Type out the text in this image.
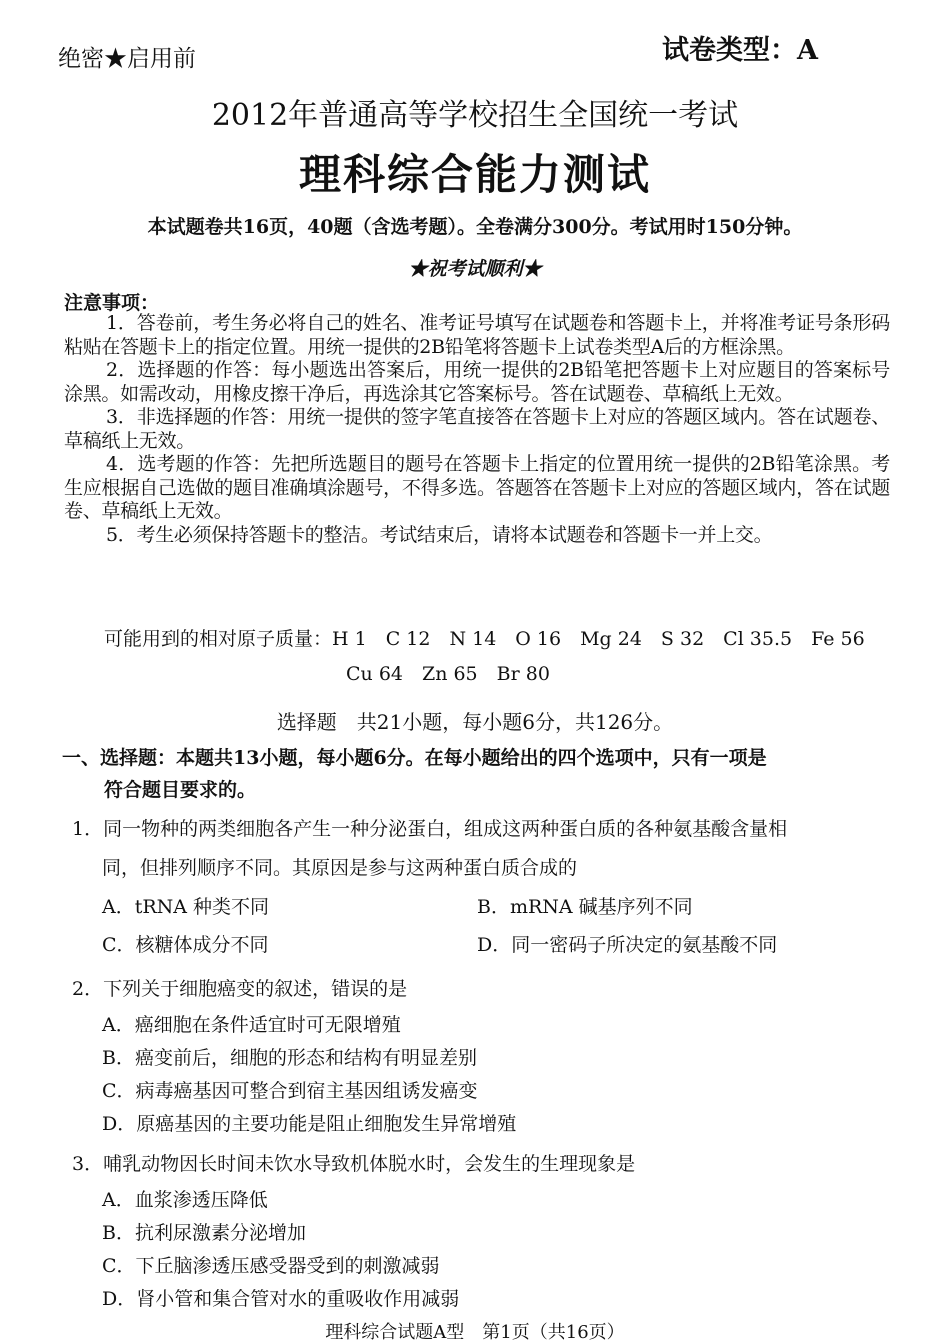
绝密★启用前	试卷类型：A
2012年普通高等学校招生全国统一考试
理科综合能力测试
本试题卷共16页，40题（含选考题）。全卷满分300分。考试用时150分钟。
★祝考试顺利★
注意事项：

1．答卷前，考生务必将自己的姓名、准考证号填写在试题卷和答题卡上，并将准考证号条形码粘贴在答题卡上的指定位置。用统一提供的2B铅笔将答题卡上试卷类型A后的方框涂黑。

2．选择题的作答：每小题选出答案后，用统一提供的2B铅笔把答题卡上对应题目的答案标号涂黑。如需改动，用橡皮擦干净后，再选涂其它答案标号。答在试题卷、草稿纸上无效。

3．非选择题的作答：用统一提供的签字笔直接答在答题卡上对应的答题区域内。答在试题卷、草稿纸上无效。

4．选考题的作答：先把所选题目的题号在答题卡上指定的位置用统一提供的2B铅笔涂黑。考生应根据自己选做的题目准确填涂题号，不得多选。答题答在答题卡上对应的答题区域内，答在试题卷、草稿纸上无效。

5．考生必须保持答题卡的整洁。考试结束后，请将本试题卷和答题卡一并上交。

可能用到的相对原子质量：H 1　C 12　N 14　O 16　Mg 24　S 32　Cl 35.5　Fe 56
Cu 64　Zn 65　Br 80
选择题　共21小题，每小题6分，共126分。
一、选择题：本题共13小题，每小题6分。在每小题给出的四个选项中，只有一项是
符合题目要求的。
1．同一物种的两类细胞各产生一种分泌蛋白，组成这两种蛋白质的各种氨基酸含量相
同，但排列顺序不同。其原因是参与这两种蛋白质合成的
A．tRNA 种类不同	B．mRNA 碱基序列不同
C．核糖体成分不同	D．同一密码子所决定的氨基酸不同
2．下列关于细胞癌变的叙述，错误的是
A．癌细胞在条件适宜时可无限增殖
B．癌变前后，细胞的形态和结构有明显差别
C．病毒癌基因可整合到宿主基因组诱发癌变
D．原癌基因的主要功能是阻止细胞发生异常增殖
3．哺乳动物因长时间未饮水导致机体脱水时，会发生的生理现象是
A．血浆渗透压降低
B．抗利尿激素分泌增加
C．下丘脑渗透压感受器受到的刺激减弱
D．肾小管和集合管对水的重吸收作用减弱
理科综合试题A型　第1页（共16页）
